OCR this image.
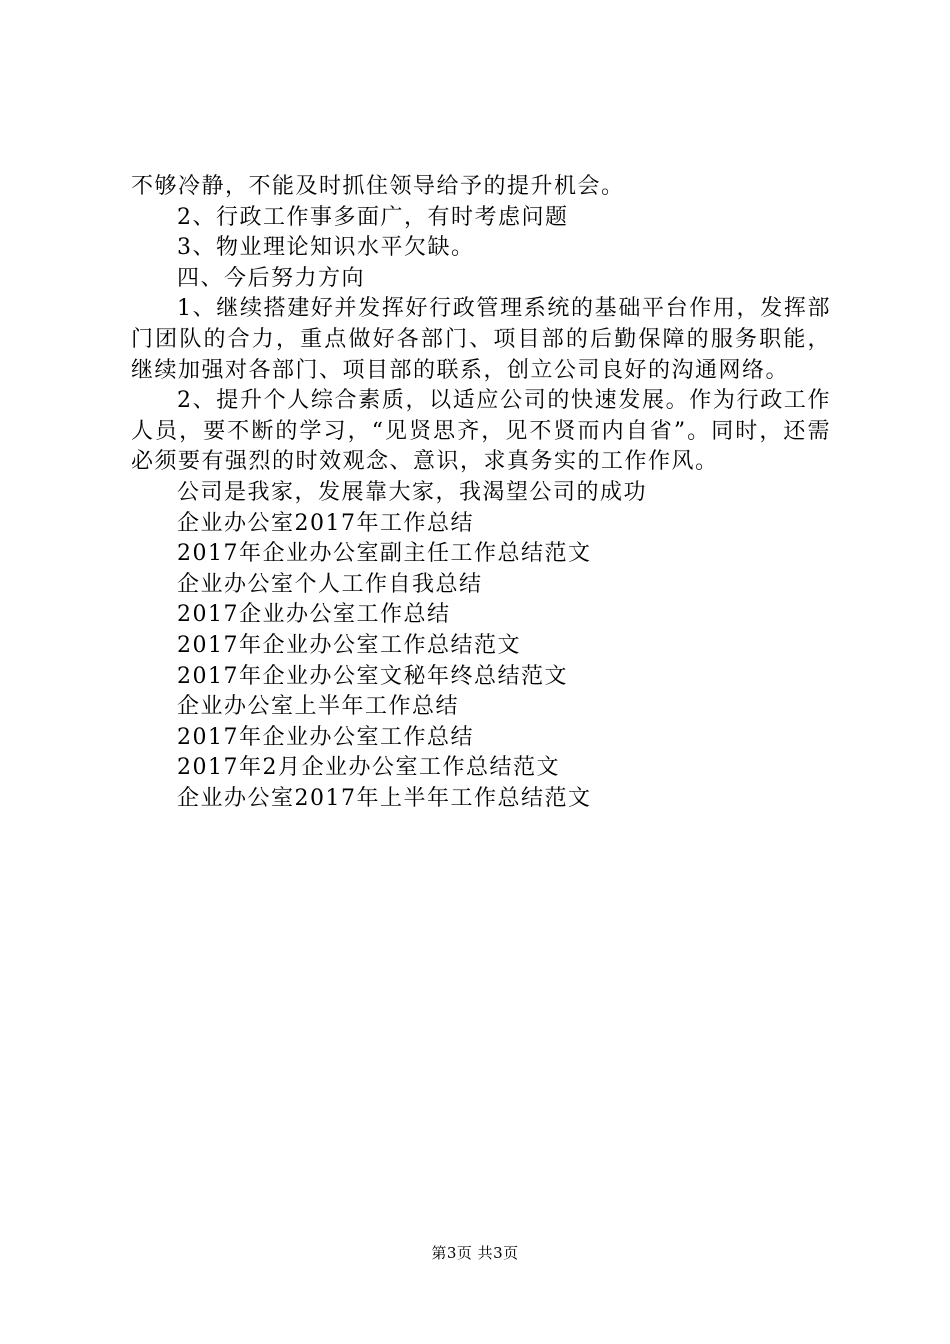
不够冷静，不能及时抓住领导给予的提升机会。

2、行政工作事多面广，有时考虑问题

3、物业理论知识水平欠缺。

四、今后努力方向

1、继续搭建好并发挥好行政管理系统的基础平台作用，发挥部门团队的合力，重点做好各部门、项目部的后勤保障的服务职能，继续加强对各部门、项目部的联系，创立公司良好的沟通网络。

2、提升个人综合素质，以适应公司的快速发展。作为行政工作人员，要不断的学习，“见贤思齐，见不贤而内自省”。同时，还需必须要有强烈的时效观念、意识，求真务实的工作作风。

公司是我家，发展靠大家，我渴望公司的成功

企业办公室2017年工作总结

2017年企业办公室副主任工作总结范文

企业办公室个人工作自我总结

2017企业办公室工作总结

2017年企业办公室工作总结范文

2017年企业办公室文秘年终总结范文

企业办公室上半年工作总结

2017年企业办公室工作总结

2017年2月企业办公室工作总结范文

企业办公室2017年上半年工作总结范文

第3页 共3页
